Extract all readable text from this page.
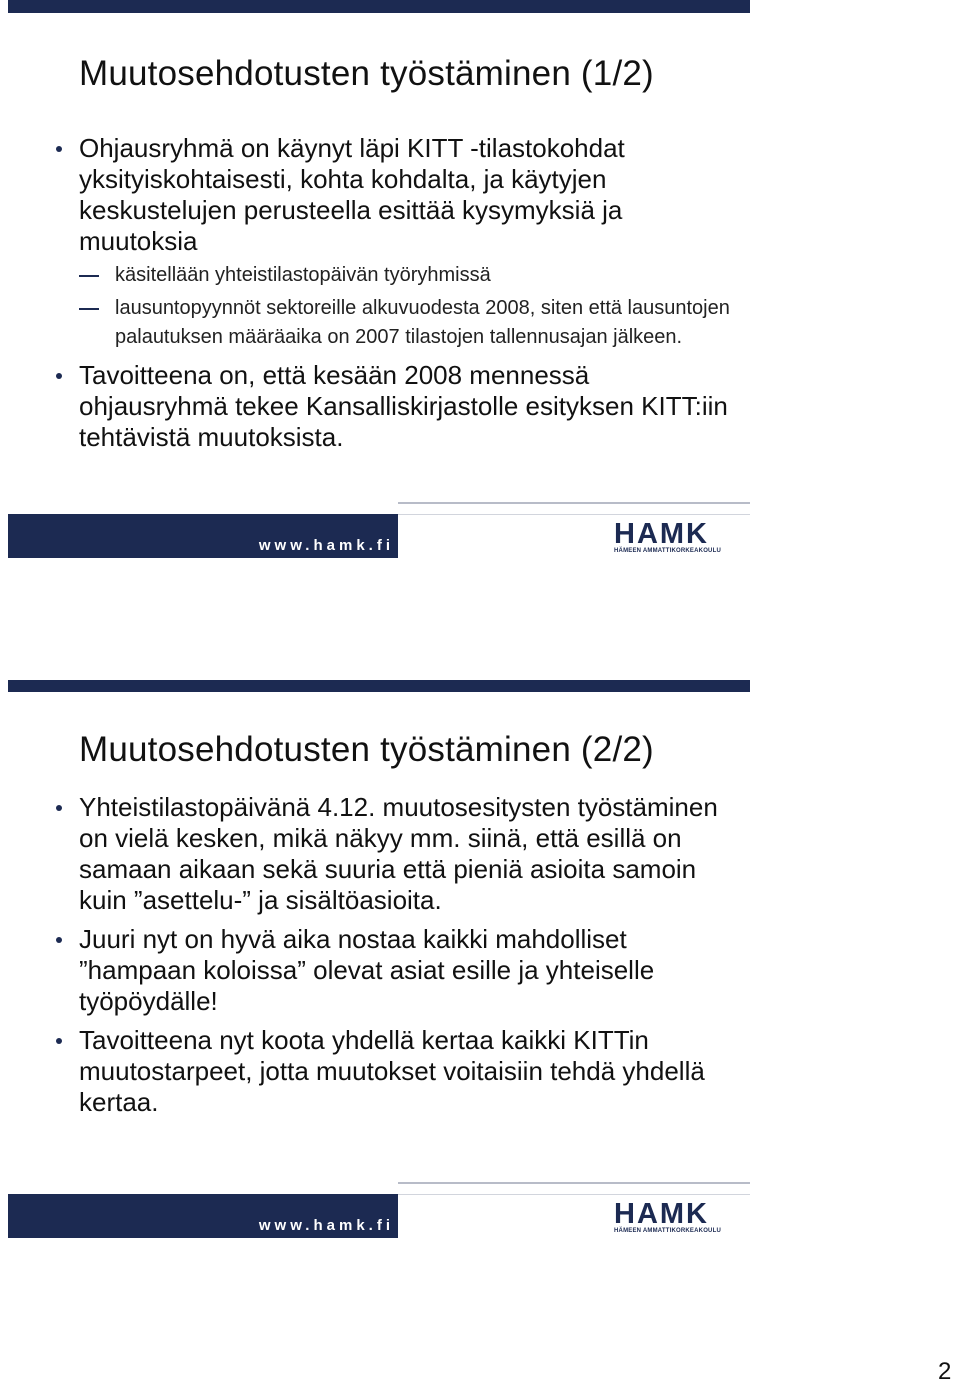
Muutosehdotusten työstäminen (1/2)
Ohjausryhmä on käynyt läpi KITT -tilastokohdat yksityiskohtaisesti, kohta kohdalta, ja käytyjen keskustelujen perusteella esittää kysymyksiä ja muutoksia
käsitellään yhteistilastopäivän työryhmissä
lausuntopyynnöt sektoreille alkuvuodesta 2008, siten että lausuntojen palautuksen määräaika on 2007 tilastojen tallennusajan jälkeen.
Tavoitteena on, että kesään 2008 mennessä ohjausryhmä tekee Kansalliskirjastolle esityksen KITT:iin tehtävistä muutoksista.
www.hamk.fi	HAMK
HÄMEEN AMMATTIKORKEAKOULU
Muutosehdotusten työstäminen (2/2)
Yhteistilastopäivänä 4.12. muutosesitysten työstäminen on vielä kesken, mikä näkyy mm. siinä, että esillä on samaan aikaan sekä suuria että pieniä asioita samoin kuin ”asettelu-” ja sisältöasioita.
Juuri nyt on hyvä aika nostaa kaikki mahdolliset ”hampaan koloissa” olevat asiat esille ja yhteiselle työpöydälle!
Tavoitteena nyt koota yhdellä kertaa kaikki KITTin muutostarpeet, jotta muutokset voitaisiin tehdä yhdellä kertaa.
www.hamk.fi	HAMK
HÄMEEN AMMATTIKORKEAKOULU
2
